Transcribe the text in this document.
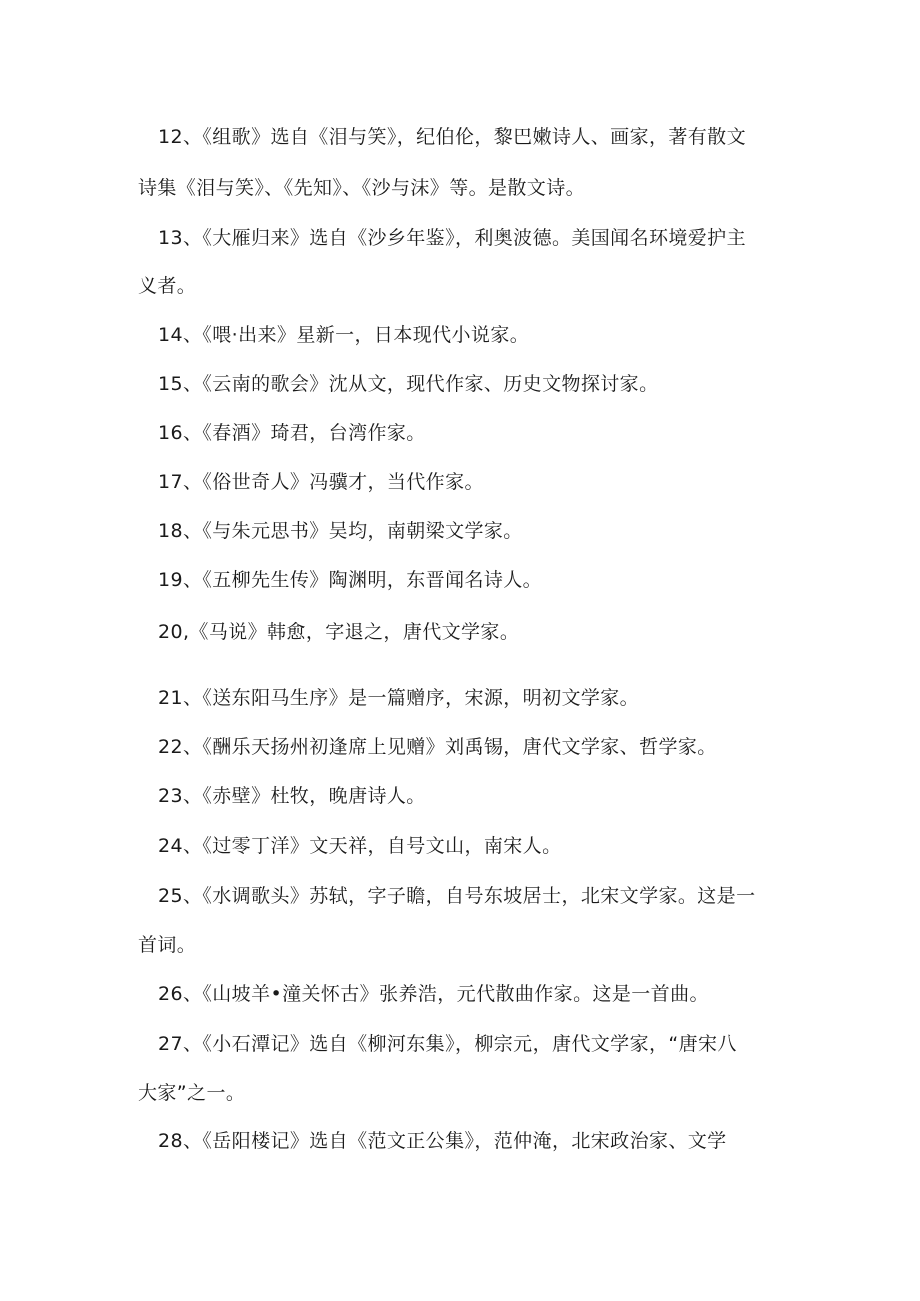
12、《组歌》选自《泪与笑》，纪伯伦，黎巴嫩诗人、画家，著有散文
诗集《泪与笑》、《先知》、《沙与沫》等。是散文诗。
13、《大雁归来》选自《沙乡年鉴》，利奥波德。美国闻名环境爱护主
义者。
14、《喂·出来》星新一，日本现代小说家。
15、《云南的歌会》沈从文，现代作家、历史文物探讨家。
16、《春酒》琦君，台湾作家。
17、《俗世奇人》冯骥才，当代作家。
18、《与朱元思书》吴均，南朝梁文学家。
19、《五柳先生传》陶渊明，东晋闻名诗人。
20,《马说》韩愈，字退之，唐代文学家。
21、《送东阳马生序》是一篇赠序，宋源，明初文学家。
22、《酬乐天扬州初逢席上见赠》刘禹锡，唐代文学家、哲学家。
23、《赤壁》杜牧，晚唐诗人。
24、《过零丁洋》文天祥，自号文山，南宋人。
25、《水调歌头》苏轼，字子瞻，自号东坡居士，北宋文学家。这是一
首词。
26、《山坡羊•潼关怀古》张养浩，元代散曲作家。这是一首曲。
27、《小石潭记》选自《柳河东集》，柳宗元，唐代文学家，“唐宋八
大家”之一。
28、《岳阳楼记》选自《范文正公集》，范仲淹，北宋政治家、文学
